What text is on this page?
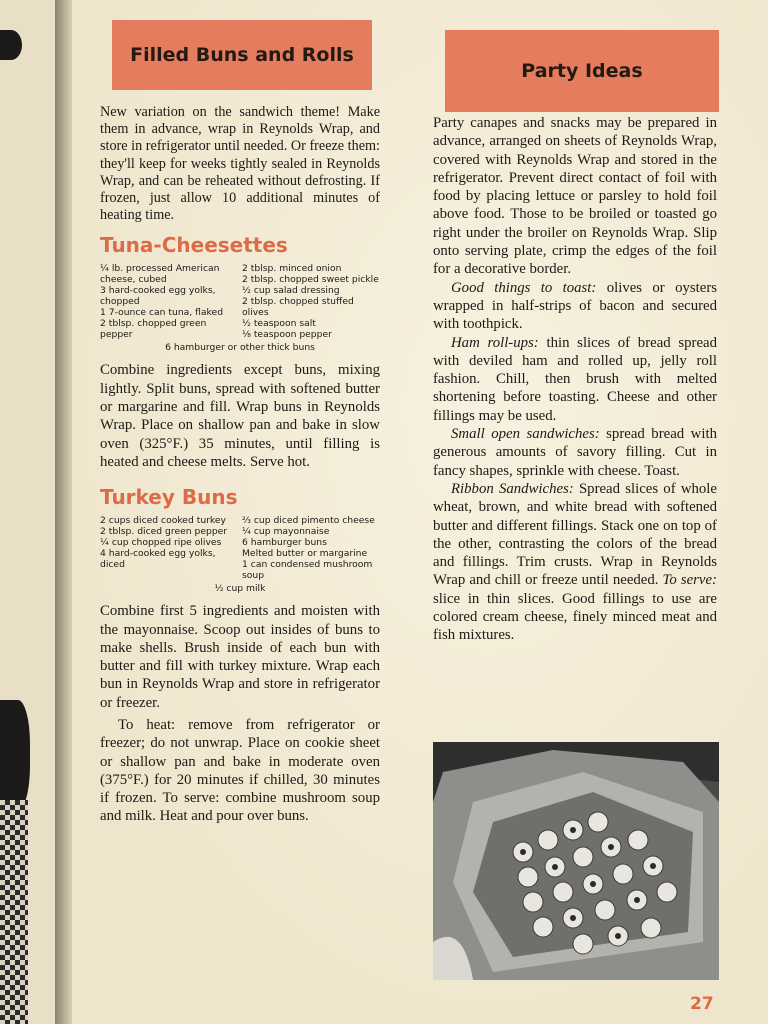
Filled Buns and Rolls

New variation on the sandwich theme! Make them in advance, wrap in Reynolds Wrap, and store in refrigerator until needed. Or freeze them: they'll keep for weeks tightly sealed in Reynolds Wrap, and can be reheated without defrosting. If frozen, just allow 10 additional minutes of heating time.

Tuna-Cheesettes
¼ lb. processed American cheese, cubed
3 hard-cooked egg yolks, chopped
1 7-ounce can tuna, flaked
2 tblsp. chopped green pepper
2 tblsp. minced onion
2 tblsp. chopped sweet pickle
½ cup salad dressing
2 tblsp. chopped stuffed olives
½ teaspoon salt
⅛ teaspoon pepper

6 hamburger or other thick buns

Combine ingredients except buns, mixing lightly. Split buns, spread with softened butter or margarine and fill. Wrap buns in Reynolds Wrap. Place on shallow pan and bake in slow oven (325°F.) 35 minutes, until filling is heated and cheese melts. Serve hot.

Turkey Buns
2 cups diced cooked turkey
2 tblsp. diced green pepper
¼ cup chopped ripe olives
4 hard-cooked egg yolks, diced
⅔ cup diced pimento cheese
¼ cup mayonnaise
6 hamburger buns
Melted butter or margarine
1 can condensed mushroom soup

½ cup milk

Combine first 5 ingredients and moisten with the mayonnaise. Scoop out insides of buns to make shells. Brush inside of each bun with butter and fill with turkey mixture. Wrap each bun in Reynolds Wrap and store in refrigerator or freezer.

To heat: remove from refrigerator or freezer; do not unwrap. Place on cookie sheet or shallow pan and bake in moderate oven (375°F.) for 20 minutes if chilled, 30 minutes if frozen. To serve: combine mushroom soup and milk. Heat and pour over buns.

Party Ideas

Party canapes and snacks may be prepared in advance, arranged on sheets of Reynolds Wrap, covered with Reynolds Wrap and stored in the refrigerator. Prevent direct contact of foil with food by placing lettuce or parsley to hold foil above food. Those to be broiled or toasted go right under the broiler on Reynolds Wrap. Slip onto serving plate, crimp the edges of the foil for a decorative border.

Good things to toast: olives or oysters wrapped in half-strips of bacon and secured with toothpick.

Ham roll-ups: thin slices of bread spread with deviled ham and rolled up, jelly roll fashion. Chill, then brush with melted shortening before toasting. Cheese and other fillings may be used.

Small open sandwiches: spread bread with generous amounts of savory filling. Cut in fancy shapes, sprinkle with cheese. Toast.

Ribbon Sandwiches: Spread slices of whole wheat, brown, and white bread with softened butter and different fillings. Stack one on top of the other, contrasting the colors of the bread and fillings. Trim crusts. Wrap in Reynolds Wrap and chill or freeze until needed. To serve: slice in thin slices. Good fillings to use are colored cream cheese, finely minced meat and fish mixtures.

27
